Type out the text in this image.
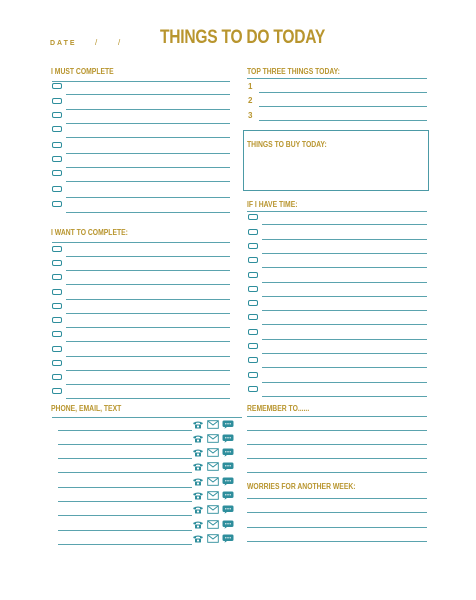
DATE /	/ THINGS TO DO TODAY
I MUST COMPLETE
I WANT TO COMPLETE:
PHONE, EMAIL, TEXT
TOP THREE THINGS TODAY:
THINGS TO BUY TODAY:
IF I HAVE TIME:
REMEMBER TO......
WORRIES FOR ANOTHER WEEK:
1
2
3
